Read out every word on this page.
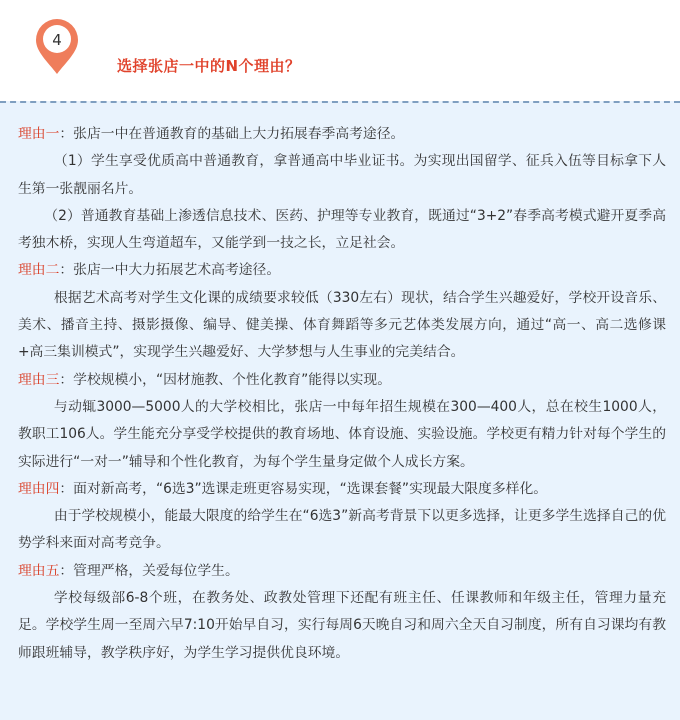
4
选择张店一中的N个理由？

理由一：张店一中在普通教育的基础上大力拓展春季高考途径。

（1）学生享受优质高中普通教育，拿普通高中毕业证书。为实现出国留学、征兵入伍等目标拿下人生第一张靓丽名片。

（2）普通教育基础上渗透信息技术、医药、护理等专业教育，既通过“3+2”春季高考模式避开夏季高考独木桥，实现人生弯道超车，又能学到一技之长，立足社会。

理由二：张店一中大力拓展艺术高考途径。

根据艺术高考对学生文化课的成绩要求较低（330左右）现状，结合学生兴趣爱好，学校开设音乐、美术、播音主持、摄影摄像、编导、健美操、体育舞蹈等多元艺体类发展方向，通过“高一、高二选修课+高三集训模式”，实现学生兴趣爱好、大学梦想与人生事业的完美结合。

理由三：学校规模小，“因材施教、个性化教育”能得以实现。

与动辄3000—5000人的大学校相比，张店一中每年招生规模在300—400人，总在校生1000人，教职工106人。学生能充分享受学校提供的教育场地、体育设施、实验设施。学校更有精力针对每个学生的实际进行“一对一”辅导和个性化教育，为每个学生量身定做个人成长方案。

理由四：面对新高考，“6选3”选课走班更容易实现，“选课套餐”实现最大限度多样化。

由于学校规模小，能最大限度的给学生在“6选3”新高考背景下以更多选择，让更多学生选择自己的优势学科来面对高考竞争。

理由五：管理严格，关爱每位学生。

学校每级部6-8个班，在教务处、政教处管理下还配有班主任、任课教师和年级主任，管理力量充足。学校学生周一至周六早7:10开始早自习，实行每周6天晚自习和周六全天自习制度，所有自习课均有教师跟班辅导，教学秩序好，为学生学习提供优良环境。
